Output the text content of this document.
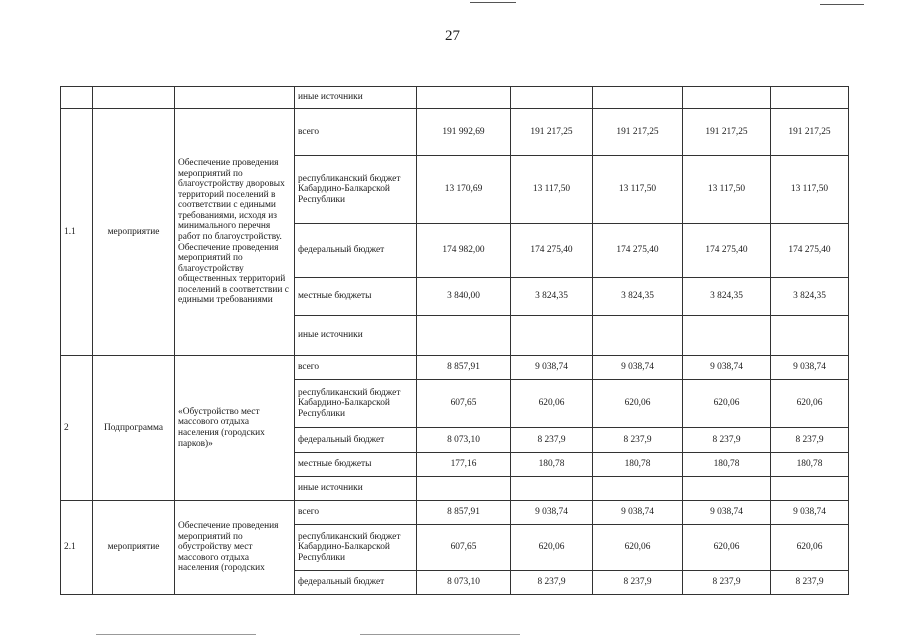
27
			иные источники					
1.1	мероприятие	Обеспечение проведения мероприятий по благоустройству дворовых территорий поселений в соответствии с едиными требованиями, исходя из минимального перечня работ по благоустройству. Обеспечение проведения мероприятий по благоустройству общественных территорий поселений в соответствии с едиными требованиями	всего	191 992,69	191 217,25	191 217,25	191 217,25	191 217,25
			республиканский бюджет Кабардино-Балкарской Республики	13 170,69	13 117,50	13 117,50	13 117,50	13 117,50
			федеральный бюджет	174 982,00	174 275,40	174 275,40	174 275,40	174 275,40
			местные бюджеты	3 840,00	3 824,35	3 824,35	3 824,35	3 824,35
			иные источники					
2	Подпрограмма	«Обустройство мест массового отдыха населения (городских парков)»	всего	8 857,91	9 038,74	9 038,74	9 038,74	9 038,74
			республиканский бюджет Кабардино-Балкарской Республики	607,65	620,06	620,06	620,06	620,06
			федеральный бюджет	8 073,10	8 237,9	8 237,9	8 237,9	8 237,9
			местные бюджеты	177,16	180,78	180,78	180,78	180,78
			иные источники					
2.1	мероприятие	Обеспечение проведения мероприятий по обустройству мест массового отдыха населения (городских	всего	8 857,91	9 038,74	9 038,74	9 038,74	9 038,74
			республиканский бюджет Кабардино-Балкарской Республики	607,65	620,06	620,06	620,06	620,06
			федеральный бюджет	8 073,10	8 237,9	8 237,9	8 237,9	8 237,9
